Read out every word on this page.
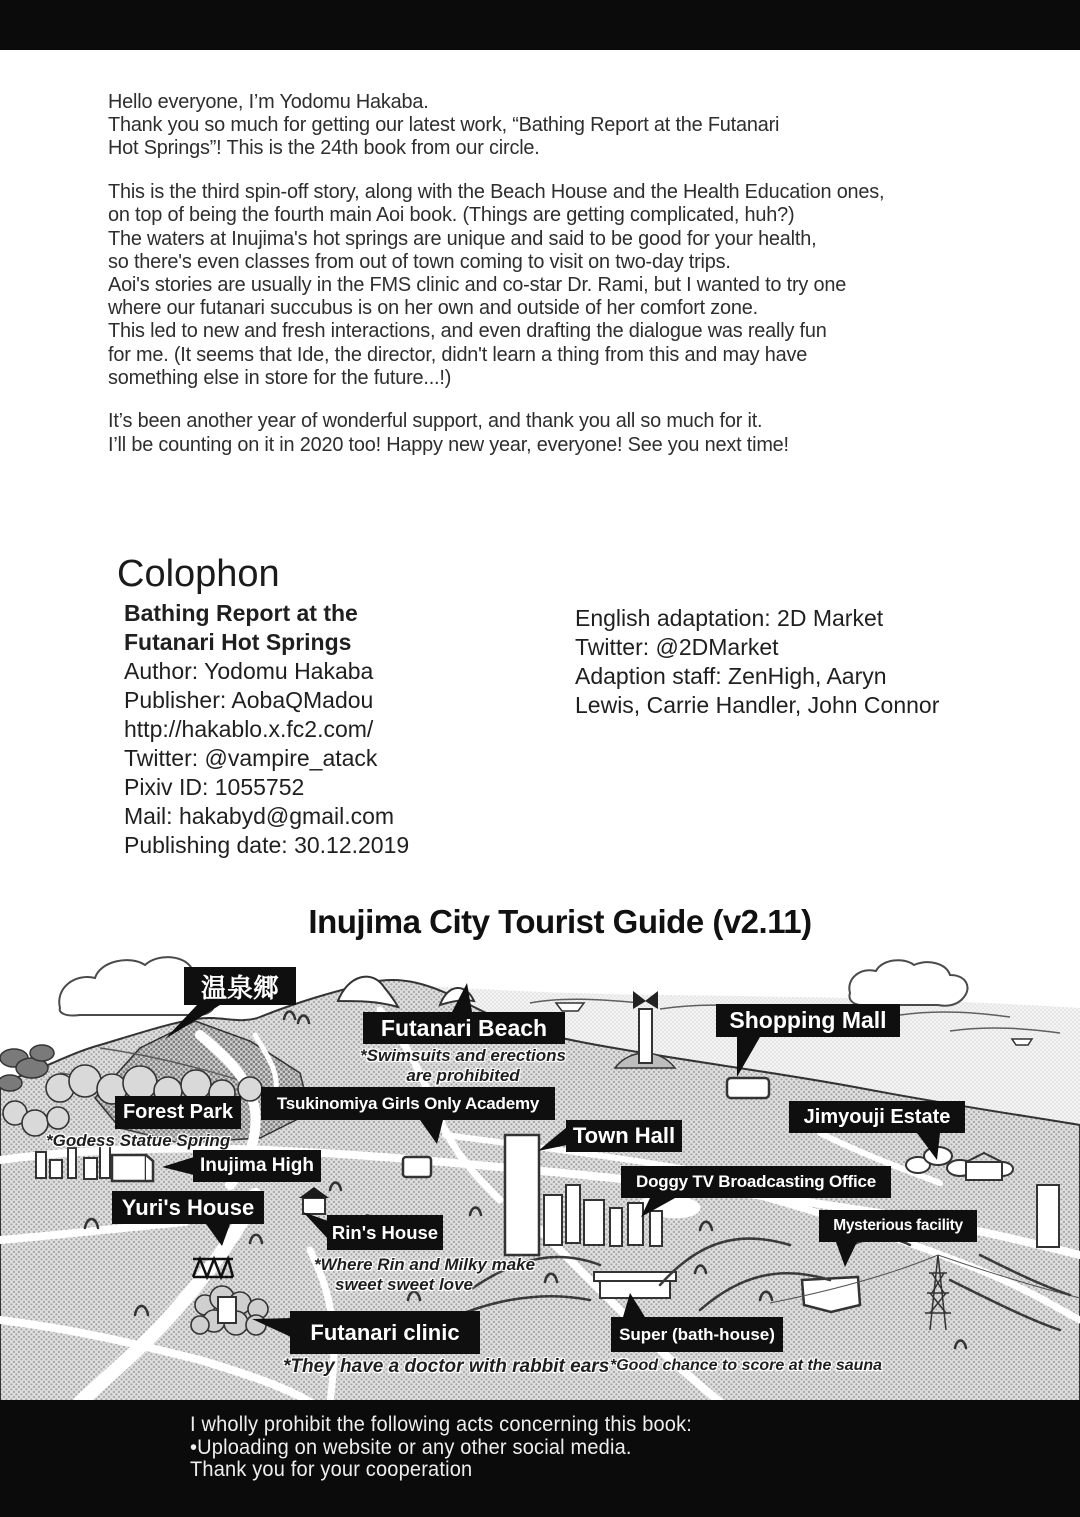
Hello everyone, I’m Yodomu Hakaba.
Thank you so much for getting our latest work, “Bathing Report at the Futanari
Hot Springs”! This is the 24th book from our circle.
This is the third spin-off story, along with the Beach House and the Health Education ones,
on top of being the fourth main Aoi book. (Things are getting complicated, huh?)
The waters at Inujima's hot springs are unique and said to be good for your health,
so there's even classes from out of town coming to visit on two-day trips.
Aoi's stories are usually in the FMS clinic and co-star Dr. Rami, but I wanted to try one
where our futanari succubus is on her own and outside of her comfort zone.
This led to new and fresh interactions, and even drafting the dialogue was really fun
for me. (It seems that Ide, the director, didn't learn a thing from this and may have
something else in store for the future...!)
It’s been another year of wonderful support, and thank you all so much for it.
I’ll be counting on it in 2020 too! Happy new year, everyone! See you next time!
Colophon
Bathing Report at the
Futanari Hot Springs
Author: Yodomu Hakaba
Publisher: AobaQMadou
http://hakablo.x.fc2.com/
Twitter: @vampire_atack
Pixiv ID: 1055752
Mail: hakabyd@gmail.com
Publishing date: 30.12.2019
English adaptation: 2D Market
Twitter: @2DMarket
Adaption staff: ZenHigh, Aaryn
Lewis, Carrie Handler, John Connor
Inujima City Tourist Guide (v2.11)
温泉郷
Futanari Beach	Shopping Mall
Tsukinomiya Girls Only Academy
Forest Park	Jimyouji Estate
Town Hall
Inujima High
Doggy TV Broadcasting Office
Yuri's House
Mysterious facility
Rin's House
Futanari clinic	Super (bath-house)
*Swimsuits and erections
are prohibited
*Godess Statue Spring
*Where Rin and Milky make
sweet sweet love
*They have a doctor with rabbit ears *Good chance to score at the sauna
I wholly prohibit the following acts concerning this book:
•Uploading on website or any other social media.
Thank you for your cooperation
